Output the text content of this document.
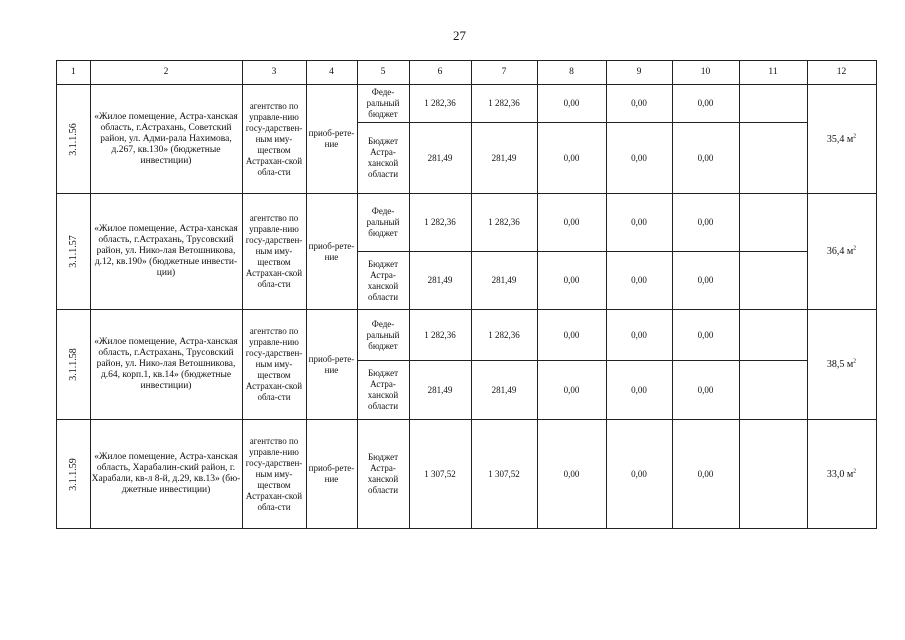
27
1	2	3	4	5	6	7	8	9	10	11	12
3.1.1.56	«Жилое помещение, Астра-ханская область, г.Астрахань, Советский район, ул. Адми-рала Нахимова, д.267, кв.130» (бюджетные инвестиции)	агентство по управле-нию госу-дарствен-ным иму-ществом Астрахан-ской обла-сти	приоб-рете-ние	Феде-ральный бюджет	1 282,36	1 282,36	0,00	0,00	0,00		35,4 $м^2$
				Бюджет Астра-ханской области	281,49	281,49	0,00	0,00	0,00		
3.1.1.57	«Жилое помещение, Астра-ханская область, г.Астрахань, Трусовский район, ул. Нико-лая Ветошникова, д.12, кв.190» (бюджетные инвести-ции)	агентство по управле-нию госу-дарствен-ным иму-ществом Астрахан-ской обла-сти	приоб-рете-ние	Феде-ральный бюджет	1 282,36	1 282,36	0,00	0,00	0,00		36,4 $м^2$
				Бюджет Астра-ханской области	281,49	281,49	0,00	0,00	0,00		
3.1.1.58	«Жилое помещение, Астра-ханская область, г.Астрахань, Трусовский район, ул. Нико-лая Ветошникова, д.64, корп.1, кв.14» (бюджетные инвестиции)	агентство по управле-нию госу-дарствен-ным иму-ществом Астрахан-ской обла-сти	приоб-рете-ние	Феде-ральный бюджет	1 282,36	1 282,36	0,00	0,00	0,00		38,5 $м^2$
				Бюджет Астра-ханской области	281,49	281,49	0,00	0,00	0,00		
3.1.1.59	«Жилое помещение, Астра-ханская область, Харабалин-ский район, г. Харабали, кв-л 8-й, д.29, кв.13» (бю-джетные инвестиции)	агентство по управле-нию госу-дарствен-ным иму-ществом Астрахан-ской обла-сти	приоб-рете-ние	Бюджет Астра-ханской области	1 307,52	1 307,52	0,00	0,00	0,00		33,0 $м^2$
